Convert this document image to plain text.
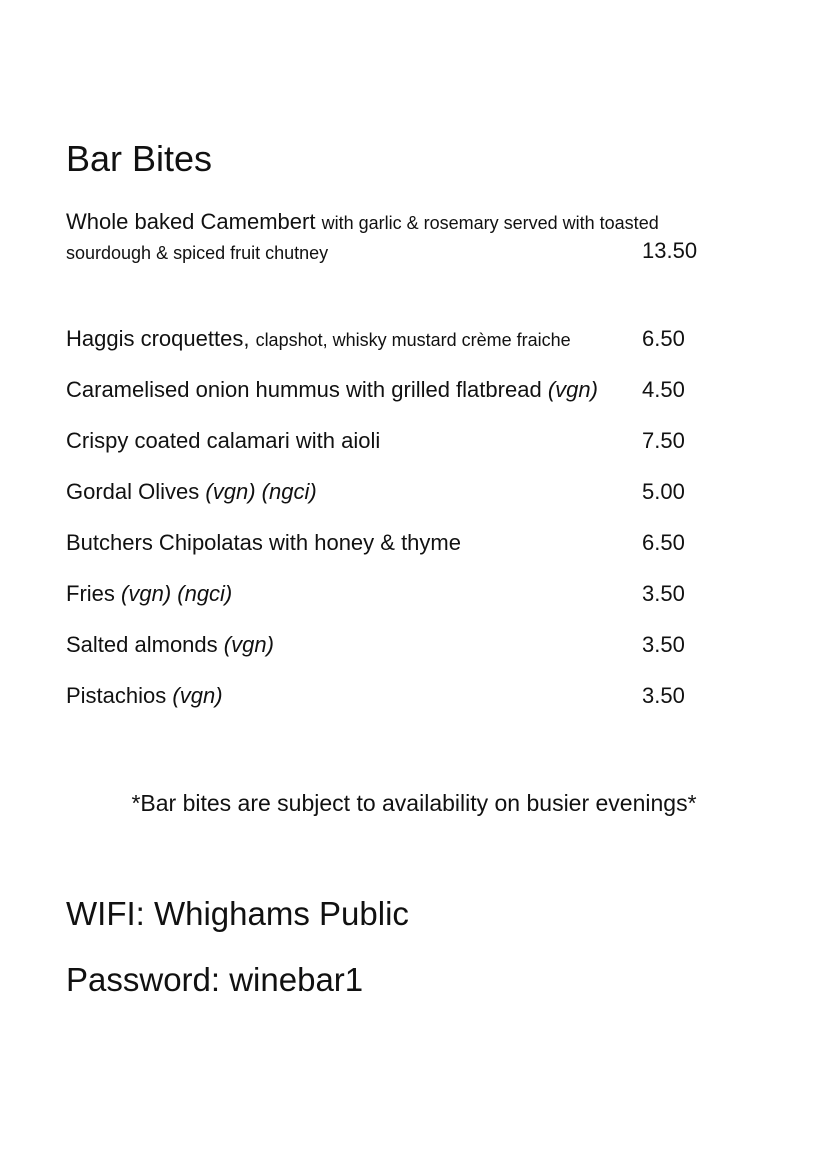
Bar Bites
Whole baked Camembert with garlic & rosemary served with toasted
sourdough & spiced fruit chutney	13.50
Haggis croquettes, clapshot, whisky mustard crème fraiche	6.50
Caramelised onion hummus with grilled flatbread (vgn) 4.50
Crispy coated calamari with aioli	7.50
Gordal Olives (vgn) (ngci)	5.00
Butchers Chipolatas with honey & thyme	6.50
Fries (vgn) (ngci)	3.50
Salted almonds (vgn)	3.50
Pistachios (vgn)	3.50
*Bar bites are subject to availability on busier evenings*
WIFI: Whighams Public
Password: winebar1
